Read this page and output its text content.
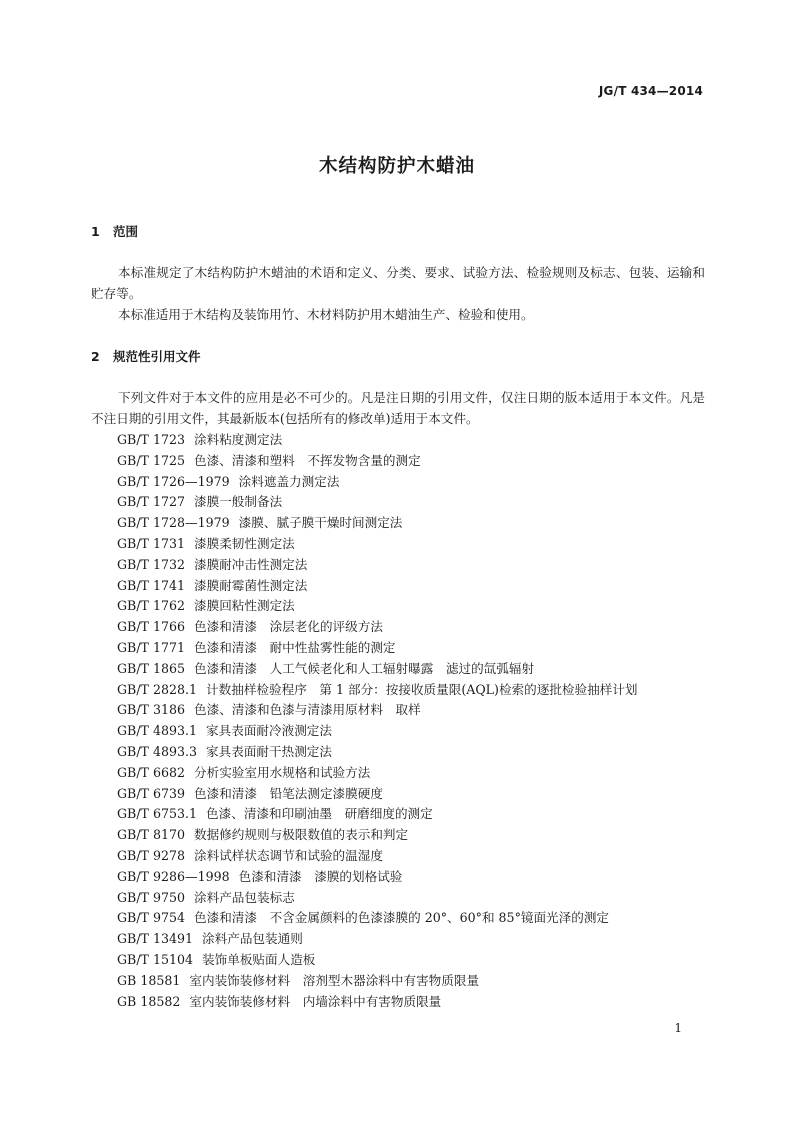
JG/T 434—2014
木结构防护木蜡油
1 范围

本标准规定了木结构防护木蜡油的术语和定义、分类、要求、试验方法、检验规则及标志、包装、运输和贮存等。

本标准适用于木结构及装饰用竹、木材料防护用木蜡油生产、检验和使用。

2 规范性引用文件

下列文件对于本文件的应用是必不可少的。凡是注日期的引用文件，仅注日期的版本适用于本文件。凡是不注日期的引用文件，其最新版本(包括所有的修改单)适用于本文件。

GB/T 1723 涂料粘度测定法
GB/T 1725 色漆、清漆和塑料　不挥发物含量的测定
GB/T 1726—1979 涂料遮盖力测定法
GB/T 1727 漆膜一般制备法
GB/T 1728—1979 漆膜、腻子膜干燥时间测定法
GB/T 1731 漆膜柔韧性测定法
GB/T 1732 漆膜耐冲击性测定法
GB/T 1741 漆膜耐霉菌性测定法
GB/T 1762 漆膜回粘性测定法
GB/T 1766 色漆和清漆　涂层老化的评级方法
GB/T 1771 色漆和清漆　耐中性盐雾性能的测定
GB/T 1865 色漆和清漆　人工气候老化和人工辐射曝露　滤过的氙弧辐射
GB/T 2828.1 计数抽样检验程序　第 1 部分：按接收质量限(AQL)检索的逐批检验抽样计划
GB/T 3186 色漆、清漆和色漆与清漆用原材料　取样
GB/T 4893.1 家具表面耐冷液测定法
GB/T 4893.3 家具表面耐干热测定法
GB/T 6682 分析实验室用水规格和试验方法
GB/T 6739 色漆和清漆　铅笔法测定漆膜硬度
GB/T 6753.1 色漆、清漆和印刷油墨　研磨细度的测定
GB/T 8170 数据修约规则与极限数值的表示和判定
GB/T 9278 涂料试样状态调节和试验的温湿度
GB/T 9286—1998 色漆和清漆　漆膜的划格试验
GB/T 9750 涂料产品包装标志
GB/T 9754 色漆和清漆　不含金属颜料的色漆漆膜的 20°、60°和 85°镜面光泽的测定
GB/T 13491 涂料产品包装通则
GB/T 15104 装饰单板贴面人造板
GB 18581 室内装饰装修材料　溶剂型木器涂料中有害物质限量
GB 18582 室内装饰装修材料　内墙涂料中有害物质限量
1
